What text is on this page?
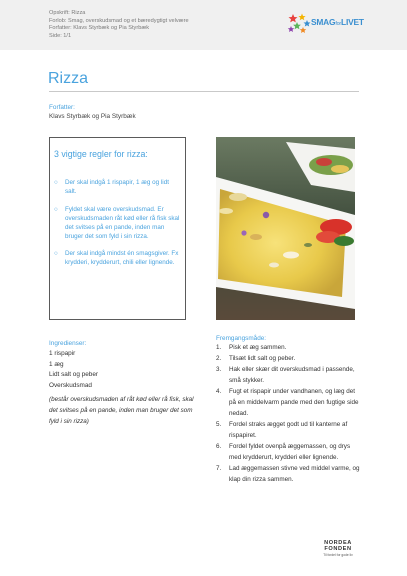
Opskrift: Rizza
Forlob: Smag, overskudsmad og et bæredygtigt velvære
Forfatter: Klavs Styrbæk og Pia Styrbæk
Side: 1/1
SMAGforLIVET
Rizza
Forfatter:
Klavs Styrbæk og Pia Styrbæk
3 vigtige regler for rizza:
○ Der skal indgå 1 rispapir, 1 æg og lidt salt.
○ Fyldet skal være overskudsmad. Er overskudsmaden råt kød eller rå fisk skal det svitses på en pande, inden man bruger det som fyld i sin rizza.
○ Der skal indgå mindst én smagsgiver. Fx krydderi, krydderurt, chili eller lignende.
Ingredienser:
1 rispapir
1 æg
Lidt salt og peber
Overskudsmad
(består overskudsmaden af råt kød eller rå fisk, skal det svitses på en pande, inden man bruger det som fyld i sin rizza)
Fremgangsmåde:
1. Pisk et æg sammen.
2. Tilsæt lidt salt og peber.
3. Hak eller skær dit overskudsmad i passende, små stykker.
4. Fugt et rispapir under vandhanen, og læg det på en middelvarm pande med den fugtige side nedad.
5. Fordel straks ægget godt ud til kanterne af rispapiret.
6. Fordel fyldet ovenpå æggemassen, og drys med krydderurt, krydderi eller lignende.
7. Lad æggemassen stivne ved middel varme, og klap din rizza sammen.
NORDEA FONDEN
Til fordel for gode liv
